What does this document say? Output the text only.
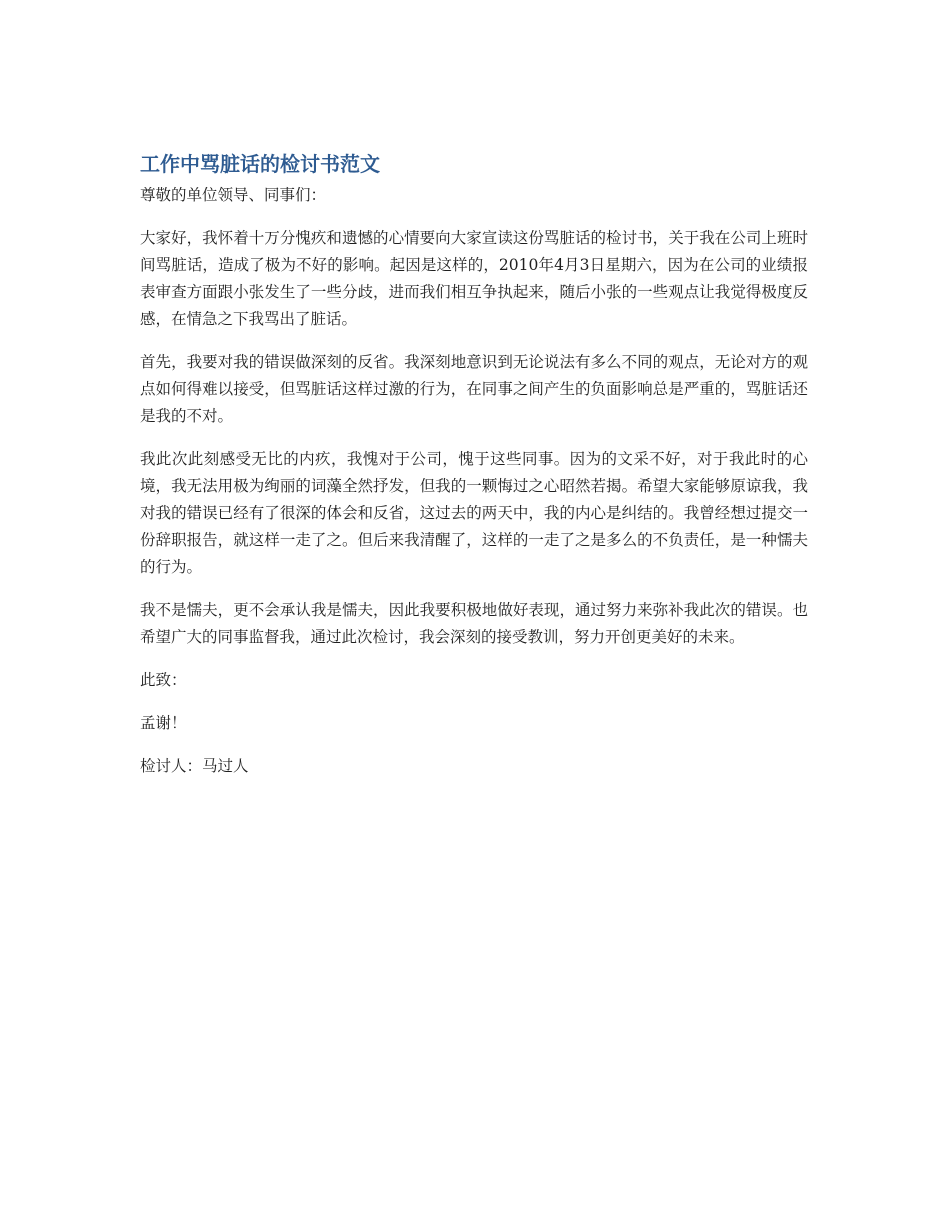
工作中骂脏话的检讨书范文

尊敬的单位领导、同事们：

大家好，我怀着十万分愧疚和遗憾的心情要向大家宣读这份骂脏话的检讨书，关于我在公司上班时间骂脏话，造成了极为不好的影响。起因是这样的，2010年4月3日星期六，因为在公司的业绩报表审查方面跟小张发生了一些分歧，进而我们相互争执起来，随后小张的一些观点让我觉得极度反感，在情急之下我骂出了脏话。

首先，我要对我的错误做深刻的反省。我深刻地意识到无论说法有多么不同的观点，无论对方的观点如何得难以接受，但骂脏话这样过激的行为，在同事之间产生的负面影响总是严重的，骂脏话还是我的不对。

我此次此刻感受无比的内疚，我愧对于公司，愧于这些同事。因为的文采不好，对于我此时的心境，我无法用极为绚丽的词藻全然抒发，但我的一颗悔过之心昭然若揭。希望大家能够原谅我，我对我的错误已经有了很深的体会和反省，这过去的两天中，我的内心是纠结的。我曾经想过提交一份辞职报告，就这样一走了之。但后来我清醒了，这样的一走了之是多么的不负责任，是一种懦夫的行为。

我不是懦夫，更不会承认我是懦夫，因此我要积极地做好表现，通过努力来弥补我此次的错误。也希望广大的同事监督我，通过此次检讨，我会深刻的接受教训，努力开创更美好的未来。

此致：

孟谢！

检讨人：马过人
